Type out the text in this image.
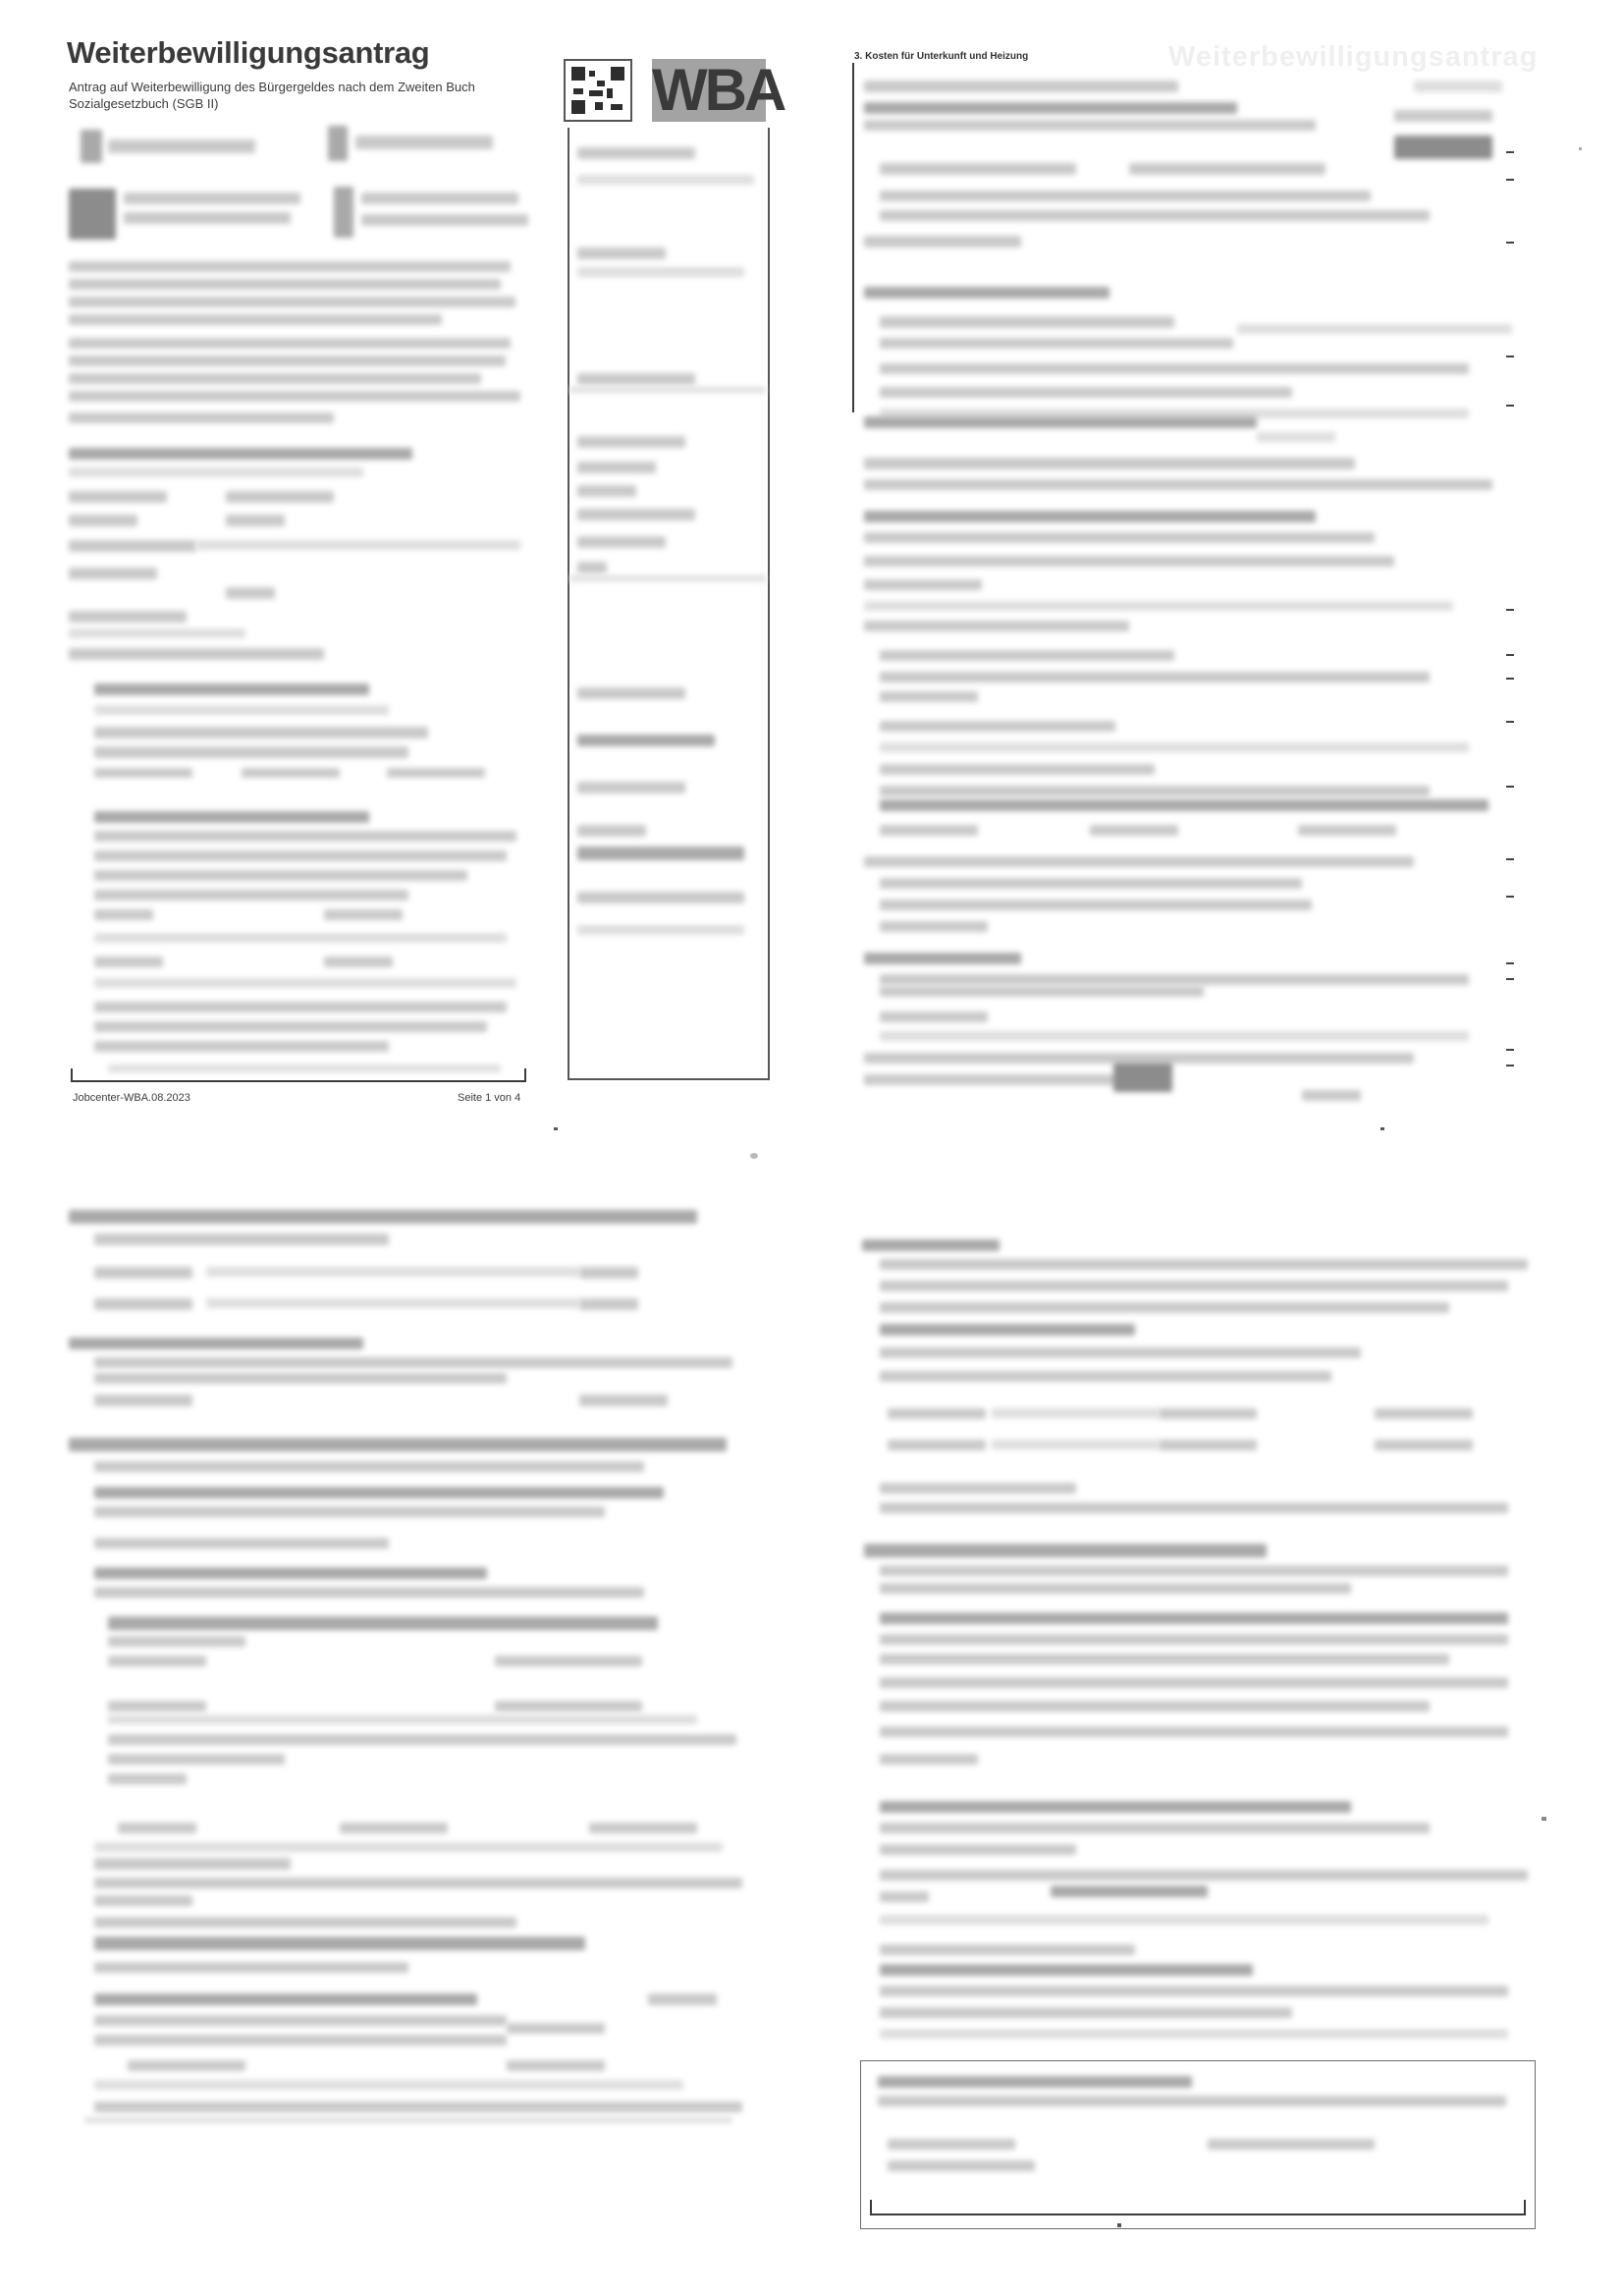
Weiterbewilligungsantrag
Antrag auf Weiterbewilligung des Bürgergeldes nach dem Zweiten Buch Sozialgesetzbuch (SGB II)	WBA
Jobcenter-WBA.08.2023	Seite 1 von 4
Weiterbewilligungsantrag
3. Kosten für Unterkunft und Heizung
